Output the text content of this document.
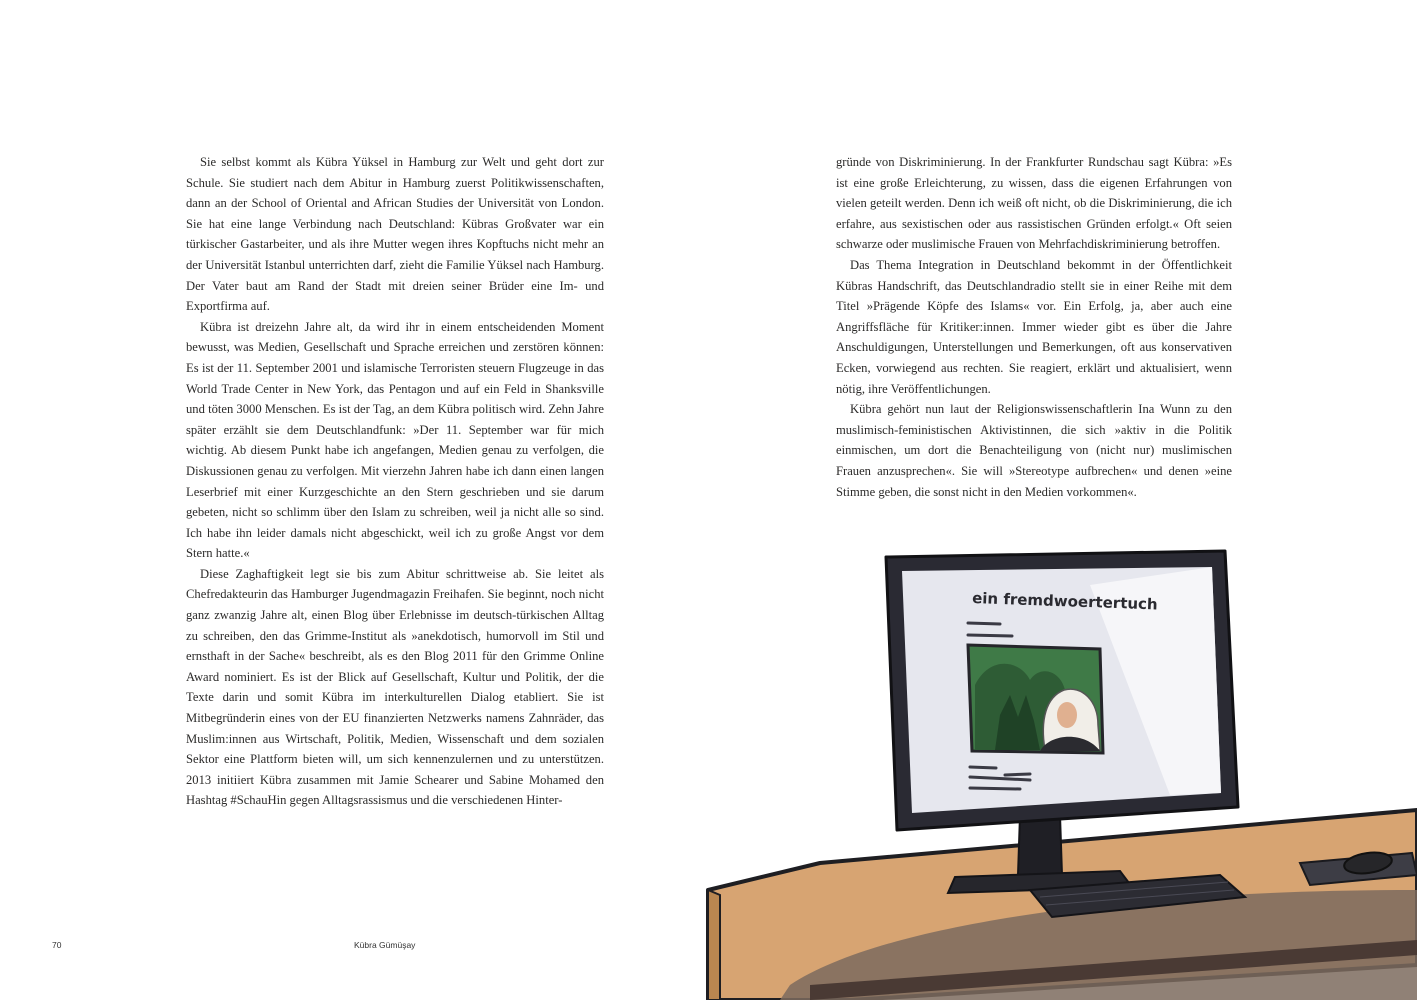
Sie selbst kommt als Kübra Yüksel in Hamburg zur Welt und geht dort zur Schule. Sie studiert nach dem Abitur in Hamburg zuerst Politikwissenschaften, dann an der School of Oriental and African Studies der Universität von London. Sie hat eine lange Verbindung nach Deutschland: Kübras Großvater war ein türkischer Gastarbeiter, und als ihre Mutter wegen ihres Kopftuchs nicht mehr an der Universität Istanbul unterrichten darf, zieht die Familie Yüksel nach Hamburg. Der Vater baut am Rand der Stadt mit dreien seiner Brüder eine Im- und Exportfirma auf.

Kübra ist dreizehn Jahre alt, da wird ihr in einem entscheidenden Moment bewusst, was Medien, Gesellschaft und Sprache erreichen und zerstören können: Es ist der 11. September 2001 und islamische Terroristen steuern Flugzeuge in das World Trade Center in New York, das Pentagon und auf ein Feld in Shanksville und töten 3000 Menschen. Es ist der Tag, an dem Kübra politisch wird. Zehn Jahre später erzählt sie dem Deutschlandfunk: »Der 11. September war für mich wichtig. Ab diesem Punkt habe ich angefangen, Medien genau zu verfolgen, die Diskussionen genau zu verfolgen. Mit vierzehn Jahren habe ich dann einen langen Leserbrief mit einer Kurzgeschichte an den Stern geschrieben und sie darum gebeten, nicht so schlimm über den Islam zu schreiben, weil ja nicht alle so sind. Ich habe ihn leider damals nicht abgeschickt, weil ich zu große Angst vor dem Stern hatte.«

Diese Zaghaftigkeit legt sie bis zum Abitur schrittweise ab. Sie leitet als Chefredakteurin das Hamburger Jugendmagazin Freihafen. Sie beginnt, noch nicht ganz zwanzig Jahre alt, einen Blog über Erlebnisse im deutsch-türkischen Alltag zu schreiben, den das Grimme-Institut als »anekdotisch, humorvoll im Stil und ernsthaft in der Sache« beschreibt, als es den Blog 2011 für den Grimme Online Award nominiert. Es ist der Blick auf Gesellschaft, Kultur und Politik, der die Texte darin und somit Kübra im interkulturellen Dialog etabliert. Sie ist Mitbegründerin eines von der EU finanzierten Netzwerks namens Zahnräder, das Muslim:innen aus Wirtschaft, Politik, Medien, Wissenschaft und dem sozialen Sektor eine Plattform bieten will, um sich kennenzulernen und zu unterstützen. 2013 initiiert Kübra zusammen mit Jamie Schearer und Sabine Mohamed den Hashtag #SchauHin gegen Alltagsrassismus und die verschiedenen Hinter-

gründe von Diskriminierung. In der Frankfurter Rundschau sagt Kübra: »Es ist eine große Erleichterung, zu wissen, dass die eigenen Erfahrungen von vielen geteilt werden. Denn ich weiß oft nicht, ob die Diskriminierung, die ich erfahre, aus sexistischen oder aus rassistischen Gründen erfolgt.« Oft seien schwarze oder muslimische Frauen von Mehrfachdiskriminierung betroffen.

Das Thema Integration in Deutschland bekommt in der Öffentlichkeit Kübras Handschrift, das Deutschlandradio stellt sie in einer Reihe mit dem Titel »Prägende Köpfe des Islams« vor. Ein Erfolg, ja, aber auch eine Angriffsfläche für Kritiker:innen. Immer wieder gibt es über die Jahre Anschuldigungen, Unterstellungen und Bemerkungen, oft aus konservativen Ecken, vorwiegend aus rechten. Sie reagiert, erklärt und aktualisiert, wenn nötig, ihre Veröffentlichungen.

Kübra gehört nun laut der Religionswissenschaftlerin Ina Wunn zu den muslimisch-feministischen Aktivistinnen, die sich »aktiv in die Politik einmischen, um dort die Benachteiligung von (nicht nur) muslimischen Frauen anzusprechen«. Sie will »Stereotype aufbrechen« und denen »eine Stimme geben, die sonst nicht in den Medien vorkommen«.

70	Kübra Gümüşay
ein fremdwoertertuch
